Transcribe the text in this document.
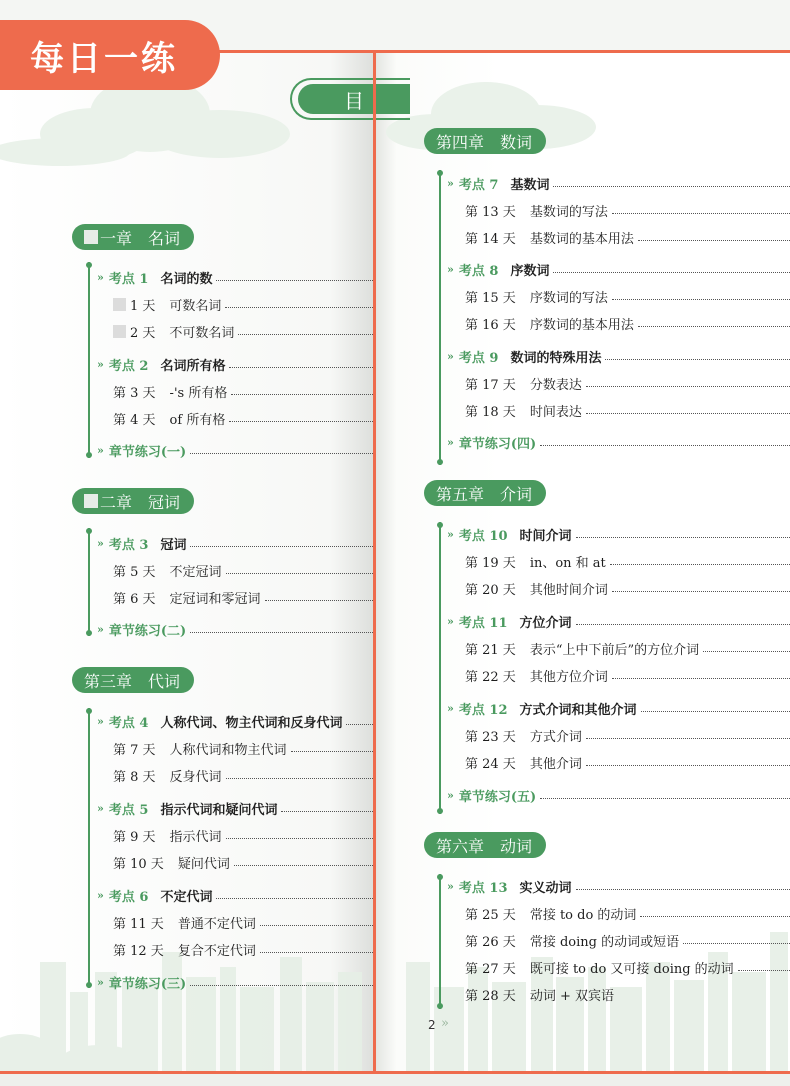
每日一练
目
一章　名词
二章　冠词
第三章　代词
» 考点 1 名词的数
1 天 可数名词
2 天 不可数名词
» 考点 2 名词所有格
第 3 天 -'s 所有格
第 4 天 of 所有格
» 章节练习(一)
» 考点 3 冠词
第 5 天 不定冠词
第 6 天 定冠词和零冠词
» 章节练习(二)
» 考点 4 人称代词、物主代词和反身代词
第 7 天 人称代词和物主代词
第 8 天 反身代词
» 考点 5 指示代词和疑问代词
第 9 天 指示代词
第 10 天 疑问代词
» 考点 6 不定代词
第 11 天 普通不定代词
第 12 天 复合不定代词
» 章节练习(三)
第四章　数词
第五章　介词
第六章　动词
» 考点 7 基数词
第 13 天 基数词的写法
第 14 天 基数词的基本用法
» 考点 8 序数词
第 15 天 序数词的写法
第 16 天 序数词的基本用法
» 考点 9 数词的特殊用法
第 17 天 分数表达
第 18 天 时间表达
» 章节练习(四)
» 考点 10 时间介词
第 19 天 in、on 和 at
第 20 天 其他时间介词
» 考点 11 方位介词
第 21 天 表示“上中下前后”的方位介词
第 22 天 其他方位介词
» 考点 12 方式介词和其他介词
第 23 天 方式介词
第 24 天 其他介词
» 章节练习(五)
» 考点 13 实义动词
第 25 天 常接 to do 的动词
第 26 天 常接 doing 的动词或短语
第 27 天 既可接 to do 又可接 doing 的动词
第 28 天 动词 + 双宾语
2 »
